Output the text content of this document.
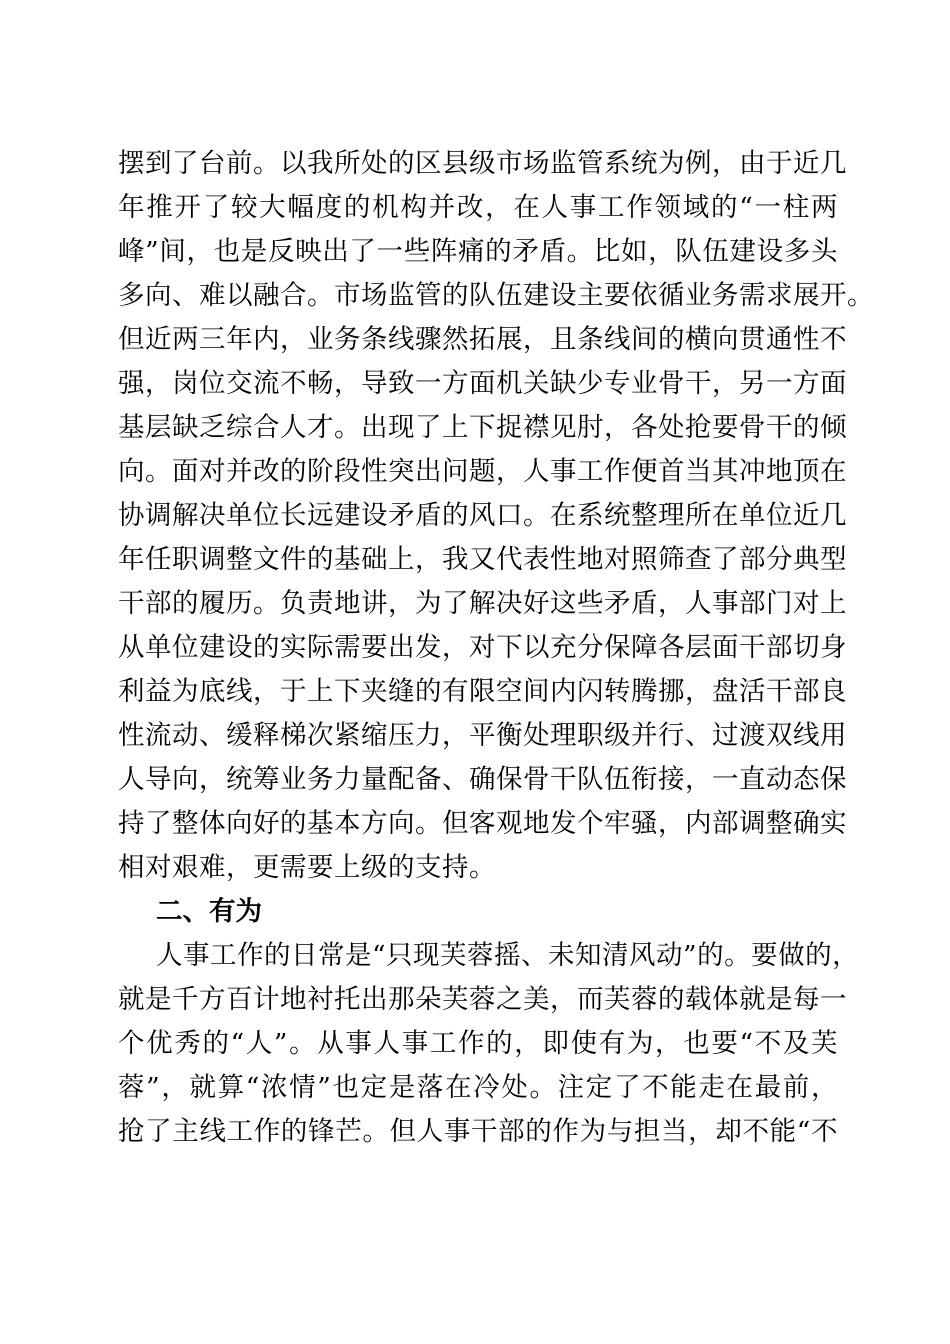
摆到了台前。以我所处的区县级市场监管系统为例，由于近几
年推开了较大幅度的机构并改，在人事工作领域的“一柱两
峰”间，也是反映出了一些阵痛的矛盾。比如，队伍建设多头
多向、难以融合。市场监管的队伍建设主要依循业务需求展开。
但近两三年内，业务条线骤然拓展，且条线间的横向贯通性不
强，岗位交流不畅，导致一方面机关缺少专业骨干，另一方面
基层缺乏综合人才。出现了上下捉襟见肘，各处抢要骨干的倾
向。面对并改的阶段性突出问题，人事工作便首当其冲地顶在
协调解决单位长远建设矛盾的风口。在系统整理所在单位近几
年任职调整文件的基础上，我又代表性地对照筛查了部分典型
干部的履历。负责地讲，为了解决好这些矛盾，人事部门对上
从单位建设的实际需要出发，对下以充分保障各层面干部切身
利益为底线，于上下夹缝的有限空间内闪转腾挪，盘活干部良
性流动、缓释梯次紧缩压力，平衡处理职级并行、过渡双线用
人导向，统筹业务力量配备、确保骨干队伍衔接，一直动态保
持了整体向好的基本方向。但客观地发个牢骚，内部调整确实
相对艰难，更需要上级的支持。
二、有为
人事工作的日常是“只现芙蓉摇、未知清风动”的。要做的，
就是千方百计地衬托出那朵芙蓉之美，而芙蓉的载体就是每一
个优秀的“人”。从事人事工作的，即使有为，也要“不及芙
蓉”，就算“浓情”也定是落在冷处。注定了不能走在最前，
抢了主线工作的锋芒。但人事干部的作为与担当，却不能“不
